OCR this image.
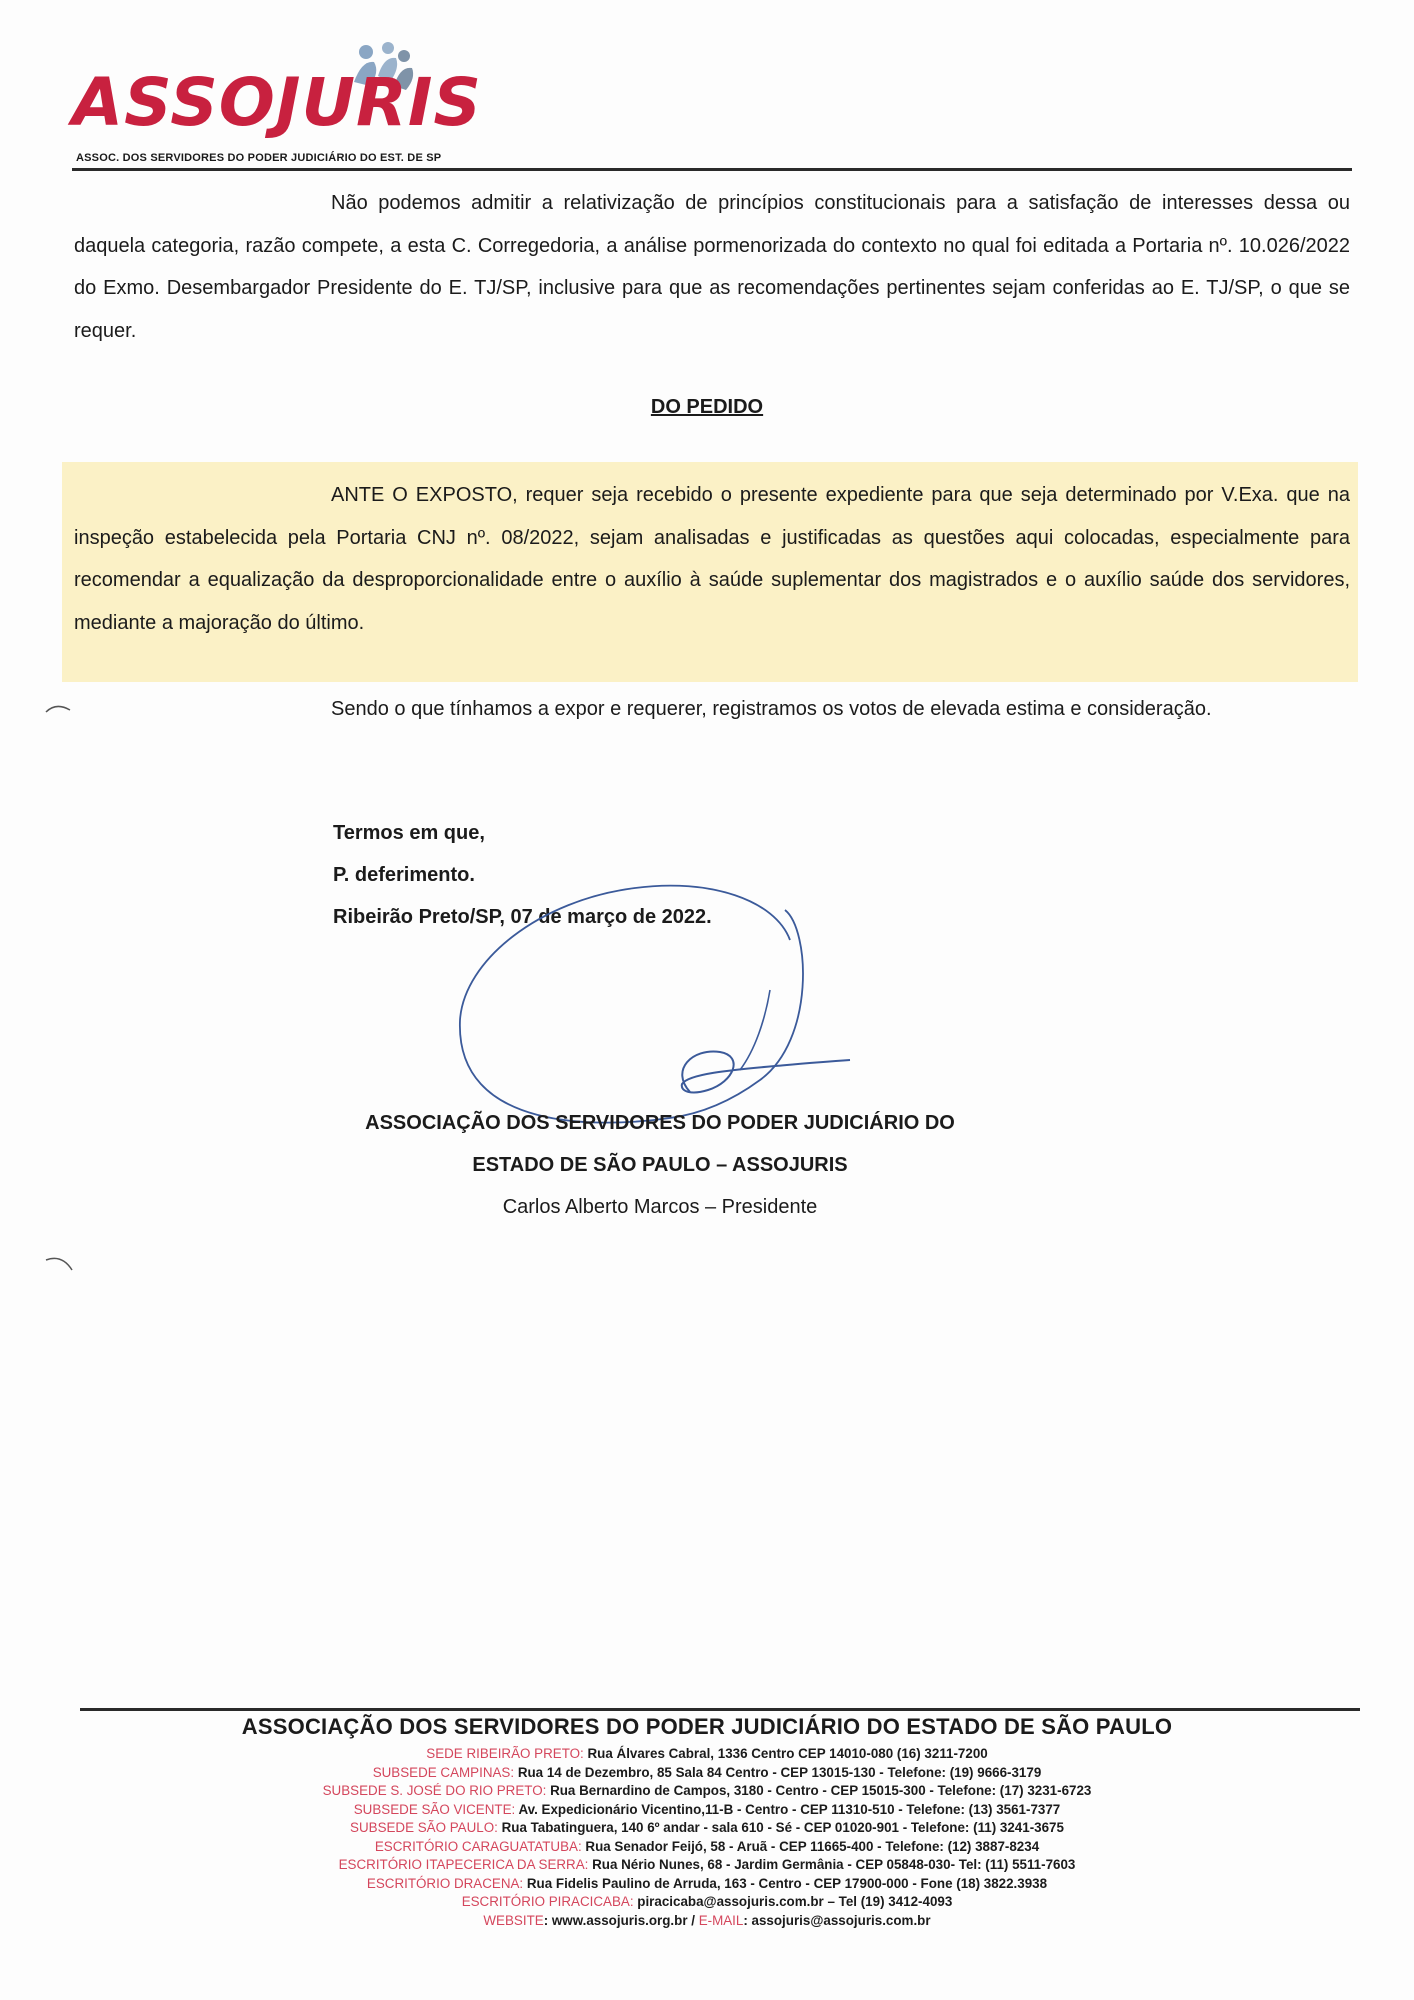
ASSOJURIS
ASSOC. DOS SERVIDORES DO PODER JUDICIÁRIO DO EST. DE SP
Não podemos admitir a relativização de princípios constitucionais para a satisfação de interesses dessa ou daquela categoria, razão compete, a esta C. Corregedoria, a análise pormenorizada do contexto no qual foi editada a Portaria nº. 10.026/2022 do Exmo. Desembargador Presidente do E. TJ/SP, inclusive para que as recomendações pertinentes sejam conferidas ao E. TJ/SP, o que se requer.
DO PEDIDO
ANTE O EXPOSTO, requer seja recebido o presente expediente para que seja determinado por V.Exa. que na inspeção estabelecida pela Portaria CNJ nº. 08/2022, sejam analisadas e justificadas as questões aqui colocadas, especialmente para recomendar a equalização da desproporcionalidade entre o auxílio à saúde suplementar dos magistrados e o auxílio saúde dos servidores, mediante a majoração do último.
Sendo o que tínhamos a expor e requerer, registramos os votos de elevada estima e consideração.
Termos em que,
P. deferimento.
Ribeirão Preto/SP, 07 de março de 2022.
ASSOCIAÇÃO DOS SERVIDORES DO PODER JUDICIÁRIO DO
ESTADO DE SÃO PAULO – ASSOJURIS
Carlos Alberto Marcos – Presidente
ASSOCIAÇÃO DOS SERVIDORES DO PODER JUDICIÁRIO DO ESTADO DE SÃO PAULO
SEDE RIBEIRÃO PRETO: Rua Álvares Cabral, 1336 Centro CEP 14010-080 (16) 3211-7200
SUBSEDE CAMPINAS: Rua 14 de Dezembro, 85 Sala 84 Centro - CEP 13015-130 - Telefone: (19) 9666-3179
SUBSEDE S. JOSÉ DO RIO PRETO: Rua Bernardino de Campos, 3180 - Centro - CEP 15015-300 - Telefone: (17) 3231-6723
SUBSEDE SÃO VICENTE: Av. Expedicionário Vicentino,11-B - Centro - CEP 11310-510 - Telefone: (13) 3561-7377
SUBSEDE SÃO PAULO: Rua Tabatinguera, 140 6º andar - sala 610 - Sé - CEP 01020-901 - Telefone: (11) 3241-3675
ESCRITÓRIO CARAGUATATUBA: Rua Senador Feijó, 58 - Aruã - CEP 11665-400 - Telefone: (12) 3887-8234
ESCRITÓRIO ITAPECERICA DA SERRA: Rua Nério Nunes, 68 - Jardim Germânia - CEP 05848-030- Tel: (11) 5511-7603
ESCRITÓRIO DRACENA: Rua Fidelis Paulino de Arruda, 163 - Centro - CEP 17900-000 - Fone (18) 3822.3938
ESCRITÓRIO PIRACICABA: piracicaba@assojuris.com.br – Tel (19) 3412-4093
WEBSITE: www.assojuris.org.br / E-MAIL: assojuris@assojuris.com.br
